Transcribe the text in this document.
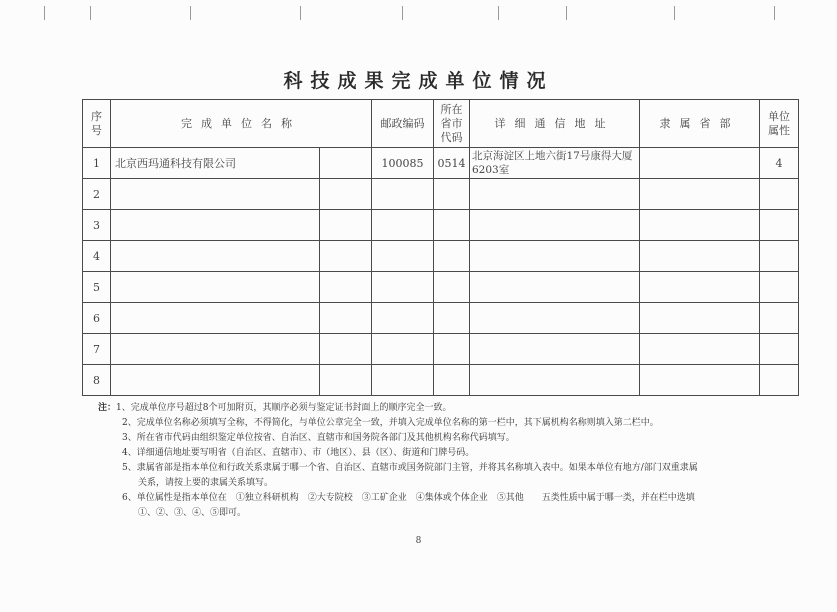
科技成果完成单位情况
序号	完成单位名称		邮政编码	所在省市代码	详细通信地址	隶属省部	单位属性
1	北京西玛通科技有限公司		100085	0514	北京海淀区上地六街17号康得大厦6203室		4
2							
3							
4							
5							
6							
7							
8							
注：1、完成单位序号超过8个可加附页，其顺序必须与鉴定证书封面上的顺序完全一致。
2、完成单位名称必须填写全称，不得简化，与单位公章完全一致，并填入完成单位名称的第一栏中，其下属机构名称则填入第二栏中。
3、所在省市代码由组织鉴定单位按省、自治区、直辖市和国务院各部门及其他机构名称代码填写。
4、详细通信地址要写明省（自治区、直辖市）、市（地区）、县（区）、街道和门牌号码。
5、隶属省部是指本单位和行政关系隶属于哪一个省、自治区、直辖市或国务院部门主管，并将其名称填入表中。如果本单位有地方/部门双重隶属
关系，请按上要的隶属关系填写。
6、单位属性是指本单位在　①独立科研机构　②大专院校　③工矿企业　④集体或个体企业　⑤其他　　五类性质中属于哪一类，并在栏中选填
①、②、③、④、⑤即可。
8
